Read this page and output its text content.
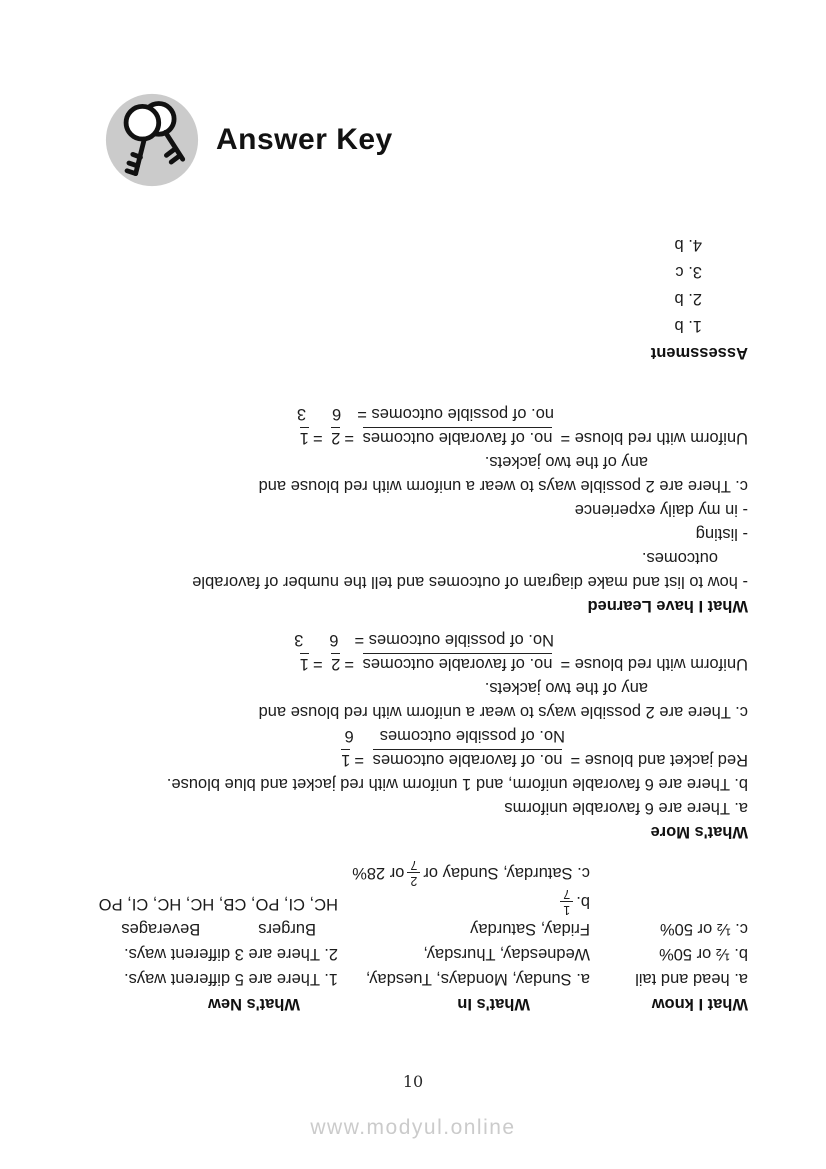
Answer Key
What I know
a. head and tail
b. ½ or 50%
c. ½ or 50%
What's In
a. Sunday, Mondays, Tuesday,
Wednesday, Thursday,
Friday, Saturday
b.
1
7
c. Saturday, Sunday or
2
7
or 28%
What's New
1. There are 5 different ways.
2. There are 3 different ways.
Burgers
Beverages
HC, CI, PO, CB, HC, HC, CI, PO
What's More
a. There are 6 favorable uniforms
b. There are 6 favorable uniform, and 1 uniform with red jacket and blue blouse.
Red jacket and blouse =no. of favorable outcomes =1
No. of possible outcomes6
c. There are 2 possible ways to wear a uniform with red blouse and
any of the two jackets.
Uniform with red blouse =no. of favorable outcomes =2 =1
No. of possible outcomes =63
What I have Learned
- how to list and make diagram of outcomes and tell the number of favorable
outcomes.
- listing
- in my daily experience
c. There are 2 possible ways to wear a uniform with red blouse and
any of the two jackets.
Uniform with red blouse =no. of favorable outcomes =2 =1
no. of possible outcomes =63
Assessment
1. b
2. b
3. c
4. b
10
www.modyul.online
